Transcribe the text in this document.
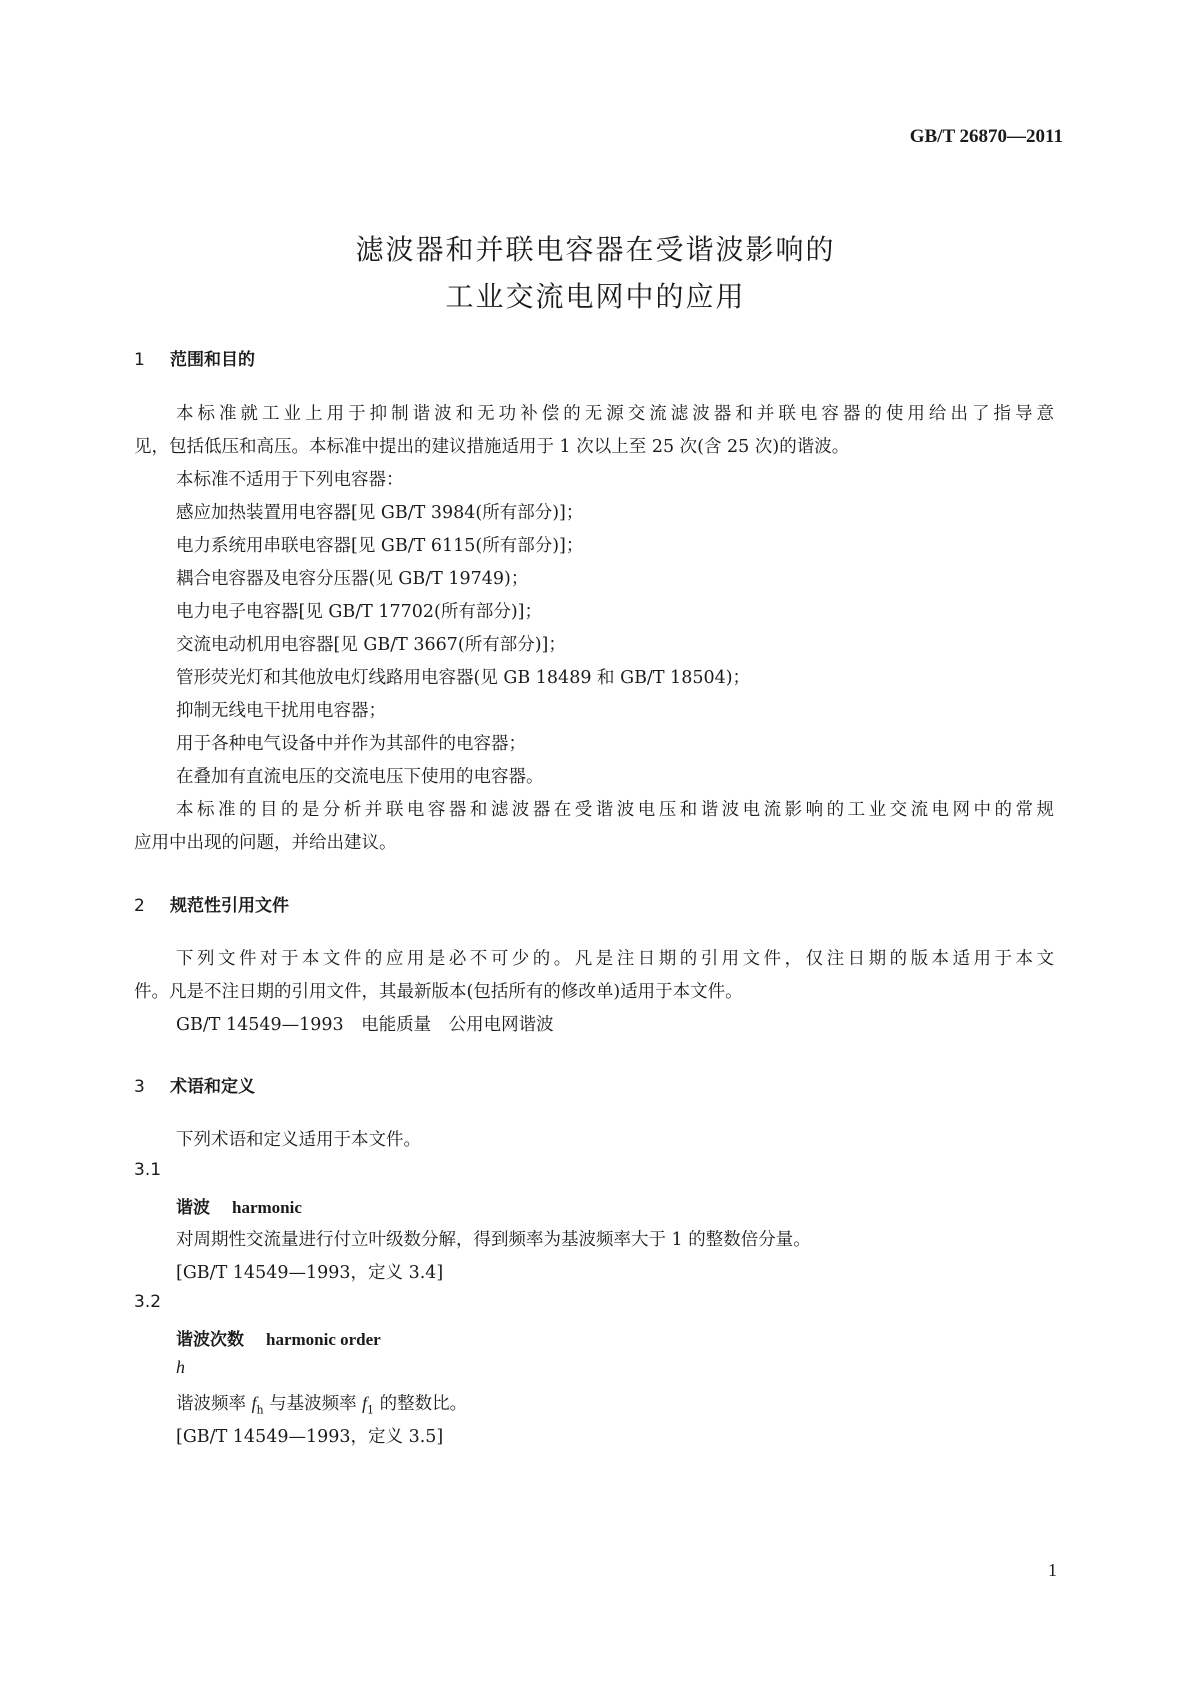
GB/T 26870—2011
滤波器和并联电容器在受谐波影响的
工业交流电网中的应用
1 范围和目的
本标准就工业上用于抑制谐波和无功补偿的无源交流滤波器和并联电容器的使用给出了指导意
见，包括低压和高压。本标准中提出的建议措施适用于 1 次以上至 25 次(含 25 次)的谐波。
本标准不适用于下列电容器：
感应加热装置用电容器[见 GB/T 3984(所有部分)]；
电力系统用串联电容器[见 GB/T 6115(所有部分)]；
耦合电容器及电容分压器(见 GB/T 19749)；
电力电子电容器[见 GB/T 17702(所有部分)]；
交流电动机用电容器[见 GB/T 3667(所有部分)]；
管形荧光灯和其他放电灯线路用电容器(见 GB 18489 和 GB/T 18504)；
抑制无线电干扰用电容器；
用于各种电气设备中并作为其部件的电容器；
在叠加有直流电压的交流电压下使用的电容器。
本标准的目的是分析并联电容器和滤波器在受谐波电压和谐波电流影响的工业交流电网中的常规
应用中出现的问题，并给出建议。
2 规范性引用文件
下列文件对于本文件的应用是必不可少的。凡是注日期的引用文件，仅注日期的版本适用于本文
件。凡是不注日期的引用文件，其最新版本(包括所有的修改单)适用于本文件。
GB/T 14549—1993　电能质量　公用电网谐波
3 术语和定义
下列术语和定义适用于本文件。
3.1
谐波 harmonic
对周期性交流量进行付立叶级数分解，得到频率为基波频率大于 1 的整数倍分量。
[GB/T 14549—1993，定义 3.4]
3.2
谐波次数 harmonic order
h
谐波频率 $f_h$ 与基波频率 $f_1$ 的整数比。
[GB/T 14549—1993，定义 3.5]
1
